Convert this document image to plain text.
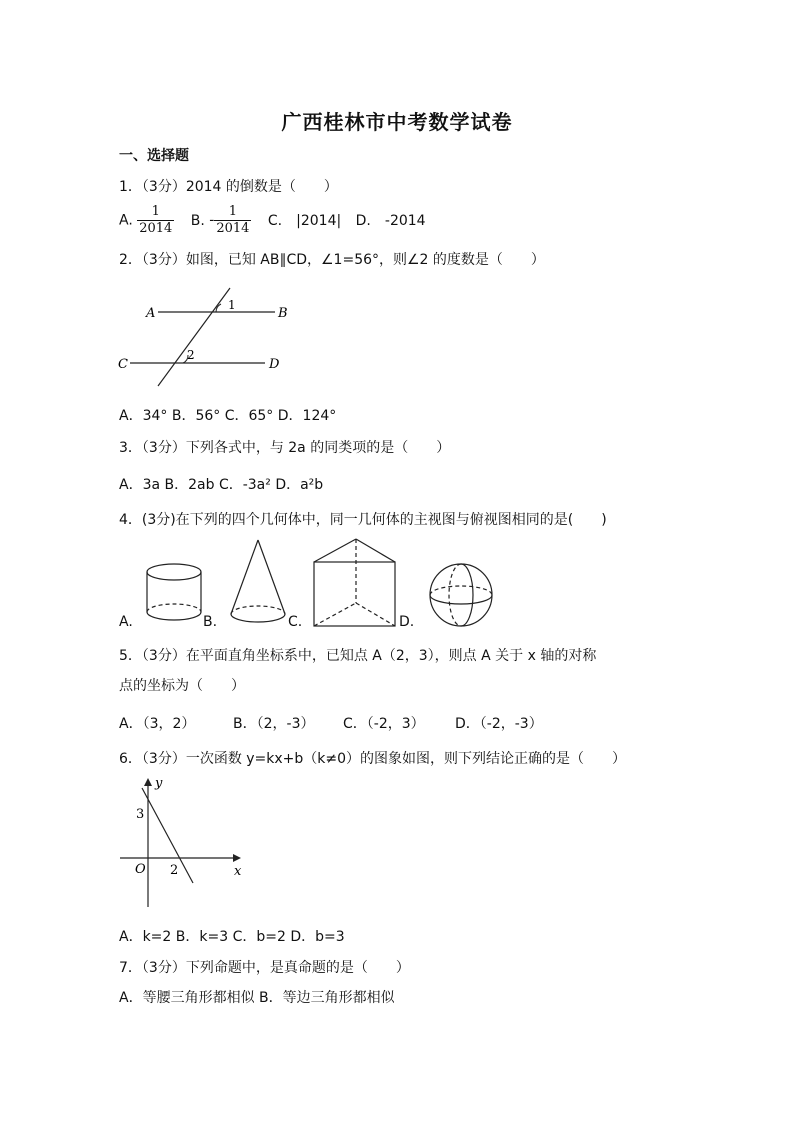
广西桂林市中考数学试卷
一、选择题
1．（3分）2014 的倒数是（　　）
A. $\frac{1}{2014} B$. - $\frac{1}{2014} C$.　|2014| D.　-2014
2．（3分）如图，已知 AB∥CD，∠1=56°，则∠2 的度数是（　　）
A	B
C	D
1
2
A．34° B．56° C．65° D．124°
3．（3分）下列各式中，与 2a 的同类项的是（　　）
A．3a B．2ab C．-3a² D．a²b
4．(3分)在下列的四个几何体中，同一几何体的主视图与俯视图相同的是(　　)
A.	B.	C.	D.
5．（3分）在平面直角坐标系中，已知点 A（2，3），则点 A 关于 x 轴的对称
点的坐标为（　　）
A．（3，2）	B．（2，-3） C．（-2，3） D．（-2，-3）
6．（3分）一次函数 y=kx+b（k≠0）的图象如图，则下列结论正确的是（　　）
y
x
O
3
2
A．k=2 B．k=3 C．b=2 D．b=3
7．（3分）下列命题中，是真命题的是（　　）
A．等腰三角形都相似 B．等边三角形都相似
